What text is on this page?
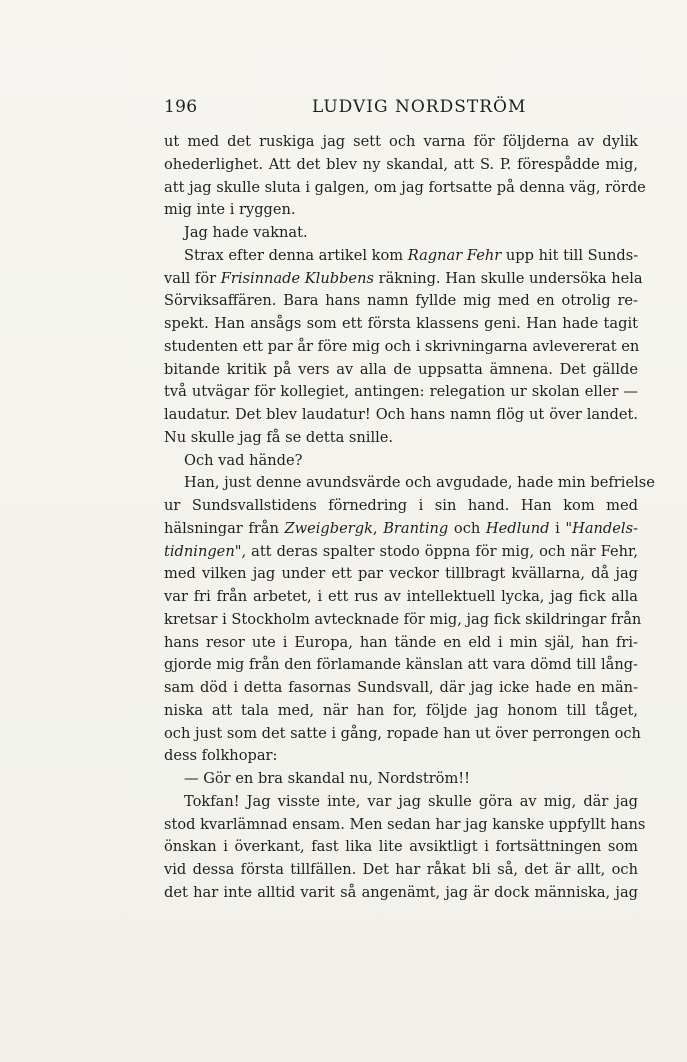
196	LUDVIG NORDSTRÖM
ut med det ruskiga jag sett och varna för följderna av dylik
ohederlighet. Att det blev ny skandal, att S. P. förespådde mig,
att jag skulle sluta i galgen, om jag fortsatte på denna väg, rörde
mig inte i ryggen.
Jag hade vaknat.
Strax efter denna artikel kom Ragnar Fehr upp hit till Sunds-
vall för Frisinnade Klubbens räkning. Han skulle undersöka hela
Sörviksaffären. Bara hans namn fyllde mig med en otrolig re-
spekt. Han ansågs som ett första klassens geni. Han hade tagit
studenten ett par år före mig och i skrivningarna avlevererat en
bitande kritik på vers av alla de uppsatta ämnena. Det gällde
två utvägar för kollegiet, antingen: relegation ur skolan eller —
laudatur. Det blev laudatur! Och hans namn flög ut över landet.
Nu skulle jag få se detta snille.
Och vad hände?
Han, just denne avundsvärde och avgudade, hade min befrielse
ur Sundsvallstidens förnedring i sin hand. Han kom med
hälsningar från Zweigbergk, Branting och Hedlund i "Handels-
tidningen", att deras spalter stodo öppna för mig, och när Fehr,
med vilken jag under ett par veckor tillbragt kvällarna, då jag
var fri från arbetet, i ett rus av intellektuell lycka, jag fick alla
kretsar i Stockholm avtecknade för mig, jag fick skildringar från
hans resor ute i Europa, han tände en eld i min själ, han fri-
gjorde mig från den förlamande känslan att vara dömd till lång-
sam död i detta fasornas Sundsvall, där jag icke hade en män-
niska att tala med, när han for, följde jag honom till tåget,
och just som det satte i gång, ropade han ut över perrongen och
dess folkhopar:
— Gör en bra skandal nu, Nordström!!
Tokfan! Jag visste inte, var jag skulle göra av mig, där jag
stod kvarlämnad ensam. Men sedan har jag kanske uppfyllt hans
önskan i överkant, fast lika lite avsiktligt i fortsättningen som
vid dessa första tillfällen. Det har råkat bli så, det är allt, och
det har inte alltid varit så angenämt, jag är dock människa, jag
